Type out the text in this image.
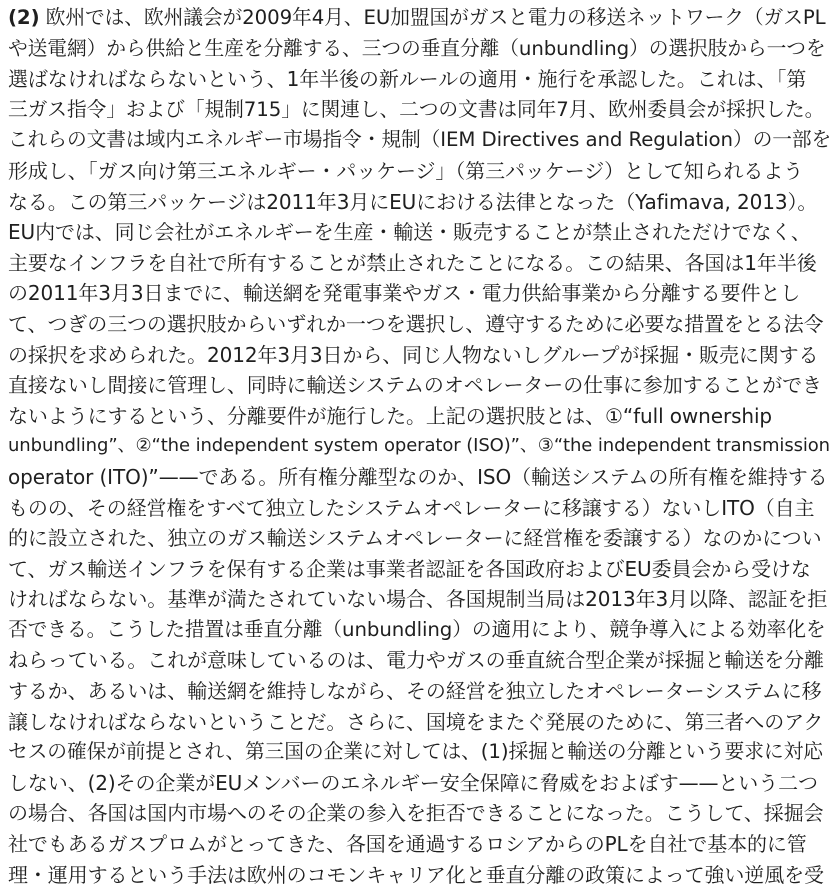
(2) 欧州では、欧州議会が2009年4月、EU加盟国がガスと電力の移送ネットワーク（ガスPL
や送電網）から供給と生産を分離する、三つの垂直分離（unbundling）の選択肢から一つを
選ばなければならないという、1年半後の新ルールの適用・施行を承認した。これは、「第
三ガス指令」および「規制715」に関連し、二つの文書は同年7月、欧州委員会が採択した。
これらの文書は域内エネルギー市場指令・規制（IEM Directives and Regulation）の一部を
形成し、「ガス向け第三エネルギー・パッケージ」（第三パッケージ）として知られるよう
なる。この第三パッケージは2011年3月にEUにおける法律となった（Yafimava, 2013）。
EU内では、同じ会社がエネルギーを生産・輸送・販売することが禁止されただけでなく、
主要なインフラを自社で所有することが禁止されたことになる。この結果、各国は1年半後
の2011年3月3日までに、輸送網を発電事業やガス・電力供給事業から分離する要件とし
て、つぎの三つの選択肢からいずれか一つを選択し、遵守するために必要な措置をとる法令
の採択を求められた。2012年3月3日から、同じ人物ないしグループが採掘・販売に関する
直接ないし間接に管理し、同時に輸送システムのオペレーターの仕事に参加することができ
ないようにするという、分離要件が施行した。上記の選択肢とは、①“full ownership
unbundling”、②“the independent system operator (ISO)”、③“the independent transmission
operator (ITO)”——である。所有権分離型なのか、ISO（輸送システムの所有権を維持する
ものの、その経営権をすべて独立したシステムオペレーターに移譲する）ないしITO（自主
的に設立された、独立のガス輸送システムオペレーターに経営権を委譲する）なのかについ
て、ガス輸送インフラを保有する企業は事業者認証を各国政府およびEU委員会から受けな
ければならない。基準が満たされていない場合、各国規制当局は2013年3月以降、認証を拒
否できる。こうした措置は垂直分離（unbundling）の適用により、競争導入による効率化を
ねらっている。これが意味しているのは、電力やガスの垂直統合型企業が採掘と輸送を分離
するか、あるいは、輸送網を維持しながら、その経営を独立したオペレーターシステムに移
譲しなければならないということだ。さらに、国境をまたぐ発展のために、第三者へのアク
セスの確保が前提とされ、第三国の企業に対しては、(1)採掘と輸送の分離という要求に対応
しない、(2)その企業がEUメンバーのエネルギー安全保障に脅威をおよぼす——という二つ
の場合、各国は国内市場へのその企業の参入を拒否できることになった。こうして、採掘会
社でもあるガスプロムがとってきた、各国を通過するロシアからのPLを自社で基本的に管
理・運用するという手法は欧州のコモンキャリア化と垂直分離の政策によって強い逆風を受
